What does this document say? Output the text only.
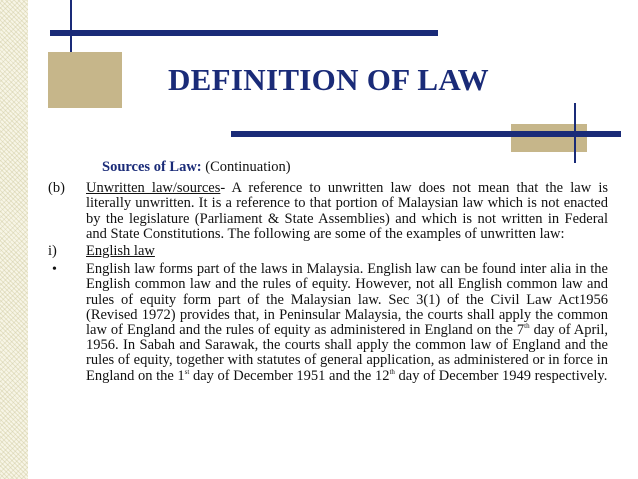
DEFINITION OF LAW
Sources of Law: (Continuation)
(b) Unwritten law/sources- A reference to unwritten law does not mean that the law is literally unwritten. It is a reference to that portion of Malaysian law which is not enacted by the legislature (Parliament & State Assemblies) and which is not written in Federal and State Constitutions. The following are some of the examples of unwritten law:
i) English law
• English law forms part of the laws in Malaysia. English law can be found inter alia in the English common law and the rules of equity. However, not all English common law and rules of equity form part of the Malaysian law. Sec 3(1) of the Civil Law Act1956 (Revised 1972) provides that, in Peninsular Malaysia, the courts shall apply the common law of England and the rules of equity as administered in England on the 7th day of April, 1956. In Sabah and Sarawak, the courts shall apply the common law of England and the rules of equity, together with statutes of general application, as administered or in force in England on the 1st day of December 1951 and the 12th day of December 1949 respectively.
